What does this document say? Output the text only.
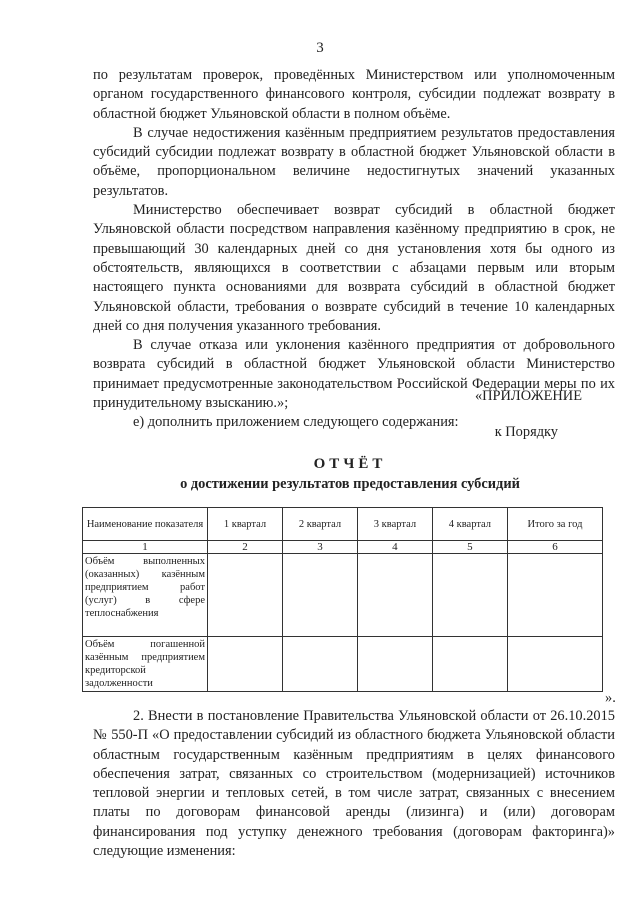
3

по результатам проверок, проведённых Министерством или уполномоченным органом государственного финансового контроля, субсидии подлежат возврату в областной бюджет Ульяновской области в полном объёме.

В случае недостижения казённым предприятием результатов предоставления субсидий субсидии подлежат возврату в областной бюджет Ульяновской области в объёме, пропорциональном величине недостигнутых значений указанных результатов.

Министерство обеспечивает возврат субсидий в областной бюджет Ульяновской области посредством направления казённому предприятию в срок, не превышающий 30 календарных дней со дня установления хотя бы одного из обстоятельств, являющихся в соответствии с абзацами первым или вторым настоящего пункта основаниями для возврата субсидий в областной бюджет Ульяновской области, требования о возврате субсидий в течение 10 календарных дней со дня получения указанного требования.

В случае отказа или уклонения казённого предприятия от добровольного возврата субсидий в областной бюджет Ульяновской области Министерство принимает предусмотренные законодательством Российской Федерации меры по их принудительному взысканию.»;

е) дополнить приложением следующего содержания:

«ПРИЛОЖЕНИЕ
к Порядку
ОТЧЁТ
о достижении результатов предоставления субсидий
Наименование показателя	1 квартал	2 квартал	3 квартал	4 квартал	Итого за год
1	2	3	4	5	6
Объём выполненных (оказанных) казённым предприятием работ (услуг) в сфере теплоснабжения					
Объём погашенной казённым предприятием кредиторской задолженности					
».

2. Внести в постановление Правительства Ульяновской области от 26.10.2015 № 550-П «О предоставлении субсидий из областного бюджета Ульяновской области областным государственным казённым предприятиям в целях финансового обеспечения затрат, связанных со строительством (модернизацией) источников тепловой энергии и тепловых сетей, в том числе затрат, связанных с внесением платы по договорам финансовой аренды (лизинга) и (или) договорам финансирования под уступку денежного требования (договорам факторинга)» следующие изменения:
